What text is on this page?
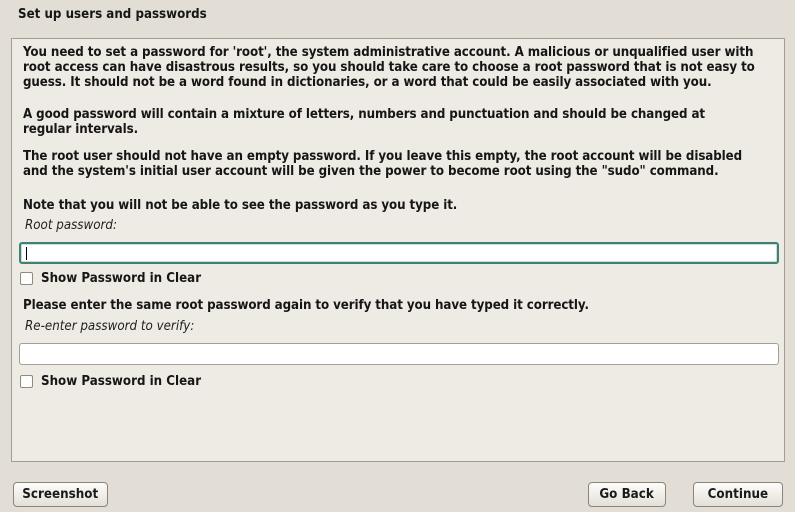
Set up users and passwords
You need to set a password for 'root', the system administrative account. A malicious or unqualified user with
root access can have disastrous results, so you should take care to choose a root password that is not easy to
guess. It should not be a word found in dictionaries, or a word that could be easily associated with you.
A good password will contain a mixture of letters, numbers and punctuation and should be changed at
regular intervals.
The root user should not have an empty password. If you leave this empty, the root account will be disabled
and the system's initial user account will be given the power to become root using the "sudo" command.
Note that you will not be able to see the password as you type it.
Root password:
Show Password in Clear
Please enter the same root password again to verify that you have typed it correctly.
Re-enter password to verify:
Show Password in Clear
Screenshot	Go Back	Continue
